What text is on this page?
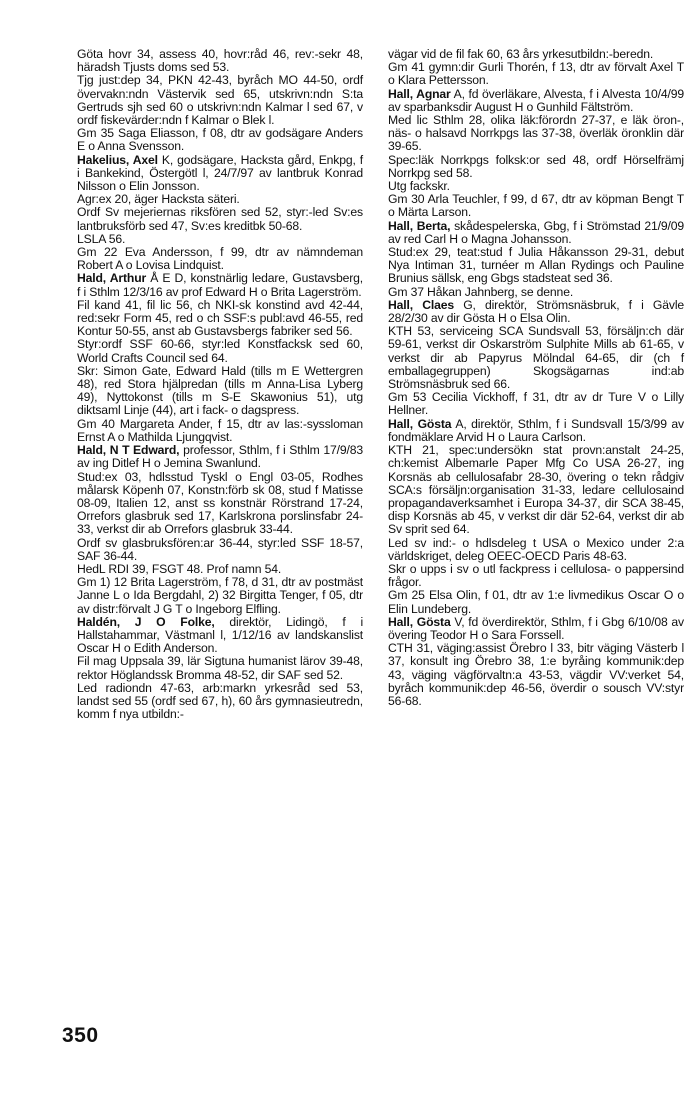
Göta hovr 34, assess 40, hovr:råd 46, rev:-sekr 48, häradsh Tjusts doms sed 53.

Tjg just:dep 34, PKN 42-43, byråch MO 44-50, ordf övervakn:ndn Västervik sed 65, utskrivn:ndn S:ta Gertruds sjh sed 60 o utskrivn:ndn Kalmar l sed 67, v ordf fiskevärder:ndn f Kalmar o Blek l.

Gm 35 Saga Eliasson, f 08, dtr av godsägare Anders E o Anna Svensson.

Hakelius, Axel K, godsägare, Hacksta gård, Enkpg, f i Bankekind, Östergötl l, 24/7/97 av lantbruk Konrad Nilsson o Elin Jonsson.

Agr:ex 20, äger Hacksta säteri.

Ordf Sv mejeriernas riksfören sed 52, styr:-led Sv:es lantbruksförb sed 47, Sv:es kreditbk 50-68.

LSLA 56.

Gm 22 Eva Andersson, f 99, dtr av nämndeman Robert A o Lovisa Lindquist.

Hald, Arthur Å E D, konstnärlig ledare, Gustavsberg, f i Sthlm 12/3/16 av prof Edward H o Brita Lagerström.

Fil kand 41, fil lic 56, ch NKI-sk konstind avd 42-44, red:sekr Form 45, red o ch SSF:s publ:avd 46-55, red Kontur 50-55, anst ab Gustavsbergs fabriker sed 56.

Styr:ordf SSF 60-66, styr:led Konstfacksk sed 60, World Crafts Council sed 64.

Skr: Simon Gate, Edward Hald (tills m E Wettergren 48), red Stora hjälpredan (tills m Anna-Lisa Lyberg 49), Nyttokonst (tills m S-E Skawonius 51), utg diktsaml Linje (44), art i fack- o dagspress.

Gm 40 Margareta Ander, f 15, dtr av las:-syssloman Ernst A o Mathilda Ljungqvist.

Hald, N T Edward, professor, Sthlm, f i Sthlm 17/9/83 av ing Ditlef H o Jemina Swanlund.

Stud:ex 03, hdlsstud Tyskl o Engl 03-05, Rodhes målarsk Köpenh 07, Konstn:förb sk 08, stud f Matisse 08-09, Italien 12, anst ss konstnär Rörstrand 17-24, Orrefors glasbruk sed 17, Karlskrona porslinsfabr 24-33, verkst dir ab Orrefors glasbruk 33-44.

Ordf sv glasbruksfören:ar 36-44, styr:led SSF 18-57, SAF 36-44.

HedL RDI 39, FSGT 48. Prof namn 54.

Gm 1) 12 Brita Lagerström, f 78, d 31, dtr av postmäst Janne L o Ida Bergdahl, 2) 32 Birgitta Tenger, f 05, dtr av distr:förvalt J G T o Ingeborg Elfling.

Haldén, J O Folke, direktör, Lidingö, f i Hallstahammar, Västmanl l, 1/12/16 av landskanslist Oscar H o Edith Anderson.

Fil mag Uppsala 39, lär Sigtuna humanist lärov 39-48, rektor Höglandssk Bromma 48-52, dir SAF sed 52.

Led radiondn 47-63, arb:markn yrkesråd sed 53, landst sed 55 (ordf sed 67, h), 60 års gymnasieutredn, komm f nya utbildn:-

vägar vid de fil fak 60, 63 års yrkesutbildn:-beredn.

Gm 41 gymn:dir Gurli Thorén, f 13, dtr av förvalt Axel T o Klara Pettersson.

Hall, Agnar A, fd överläkare, Alvesta, f i Alvesta 10/4/99 av sparbanksdir August H o Gunhild Fältström.

Med lic Sthlm 28, olika läk:förordn 27-37, e läk öron-, näs- o halsavd Norrkpgs las 37-38, överläk öronklin där 39-65.

Spec:läk Norrkpgs folksk:or sed 48, ordf Hörselfrämj Norrkpg sed 58.

Utg fackskr.

Gm 30 Arla Teuchler, f 99, d 67, dtr av köpman Bengt T o Märta Larson.

Hall, Berta, skådespelerska, Gbg, f i Strömstad 21/9/09 av red Carl H o Magna Johansson.

Stud:ex 29, teat:stud f Julia Håkansson 29-31, debut Nya Intiman 31, turnéer m Allan Rydings och Pauline Brunius sällsk, eng Gbgs stadsteat sed 36.

Gm 37 Håkan Jahnberg, se denne.

Hall, Claes G, direktör, Strömsnäsbruk, f i Gävle 28/2/30 av dir Gösta H o Elsa Olin.

KTH 53, serviceing SCA Sundsvall 53, försäljn:ch där 59-61, verkst dir Oskarström Sulphite Mills ab 61-65, v verkst dir ab Papyrus Mölndal 64-65, dir (ch f emballagegruppen) Skogsägarnas ind:ab Strömsnäsbruk sed 66.

Gm 53 Cecilia Vickhoff, f 31, dtr av dr Ture V o Lilly Hellner.

Hall, Gösta A, direktör, Sthlm, f i Sundsvall 15/3/99 av fondmäklare Arvid H o Laura Carlson.

KTH 21, spec:undersökn stat provn:anstalt 24-25, ch:kemist Albemarle Paper Mfg Co USA 26-27, ing Korsnäs ab cellulosafabr 28-30, övering o tekn rådgiv SCA:s försäljn:organisation 31-33, ledare cellulosaind propagandaverksamhet i Europa 34-37, dir SCA 38-45, disp Korsnäs ab 45, v verkst dir där 52-64, verkst dir ab Sv sprit sed 64.

Led sv ind:- o hdlsdeleg t USA o Mexico under 2:a världskriget, deleg OEEC-OECD Paris 48-63.

Skr o upps i sv o utl fackpress i cellulosa- o pappersind frågor.

Gm 25 Elsa Olin, f 01, dtr av 1:e livmedikus Oscar O o Elin Lundeberg.

Hall, Gösta V, fd överdirektör, Sthlm, f i Gbg 6/10/08 av övering Teodor H o Sara Forssell.

CTH 31, väging:assist Örebro l 33, bitr väging Västerb l 37, konsult ing Örebro 38, 1:e byråing kommunik:dep 43, väging vägförvaltn:a 43-53, vägdir VV:verket 54, byråch kommunik:dep 46-56, överdir o sousch VV:styr 56-68.

350
